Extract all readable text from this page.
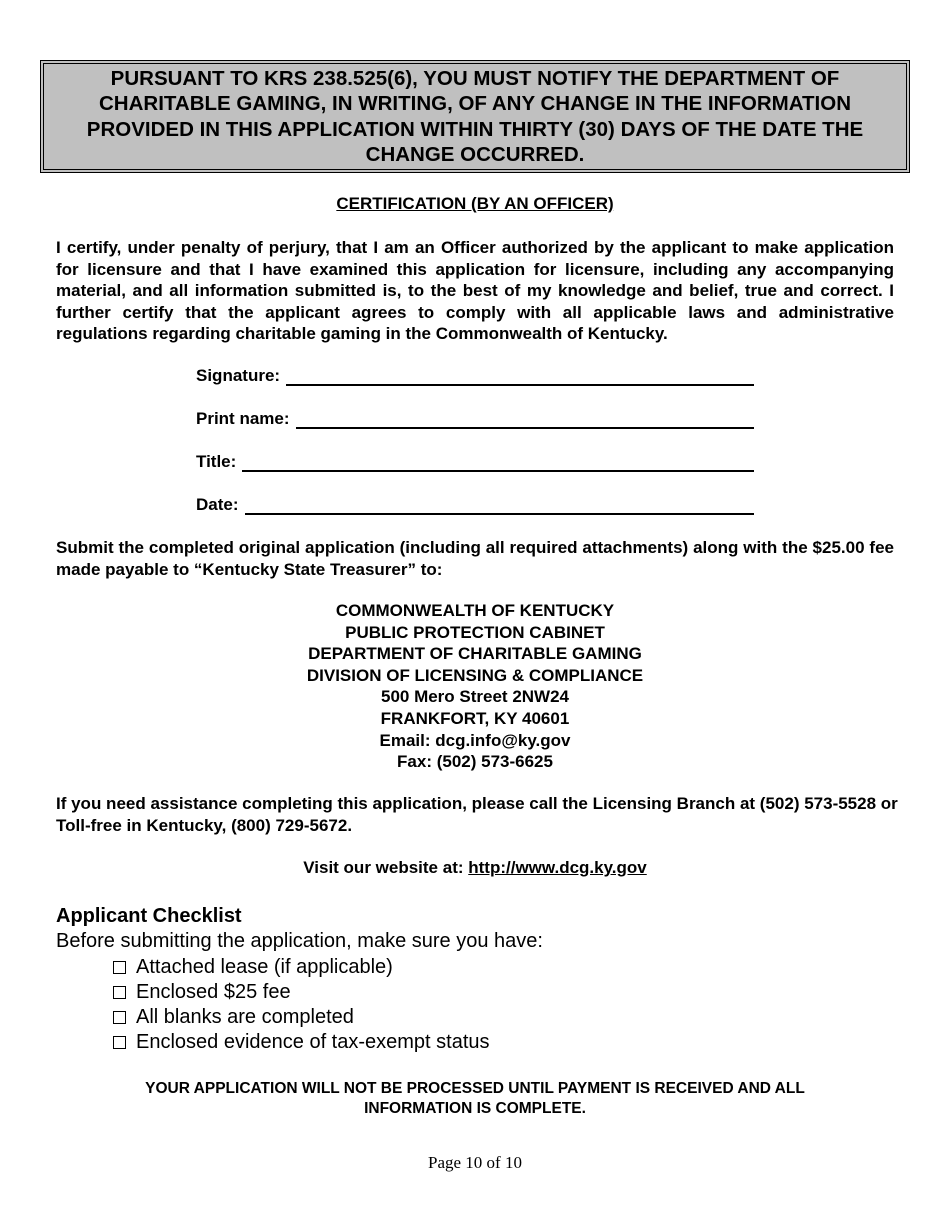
PURSUANT TO KRS 238.525(6), YOU MUST NOTIFY THE DEPARTMENT OF
CHARITABLE GAMING, IN WRITING, OF ANY CHANGE IN THE INFORMATION
PROVIDED IN THIS APPLICATION WITHIN THIRTY (30) DAYS OF THE DATE THE
CHANGE OCCURRED.
CERTIFICATION (BY AN OFFICER)
I certify, under penalty of perjury, that I am an Officer authorized by the applicant to make application for licensure and that I have examined this application for licensure, including any accompanying material, and all information submitted is, to the best of my knowledge and belief, true and correct. I further certify that the applicant agrees to comply with all applicable laws and administrative regulations regarding charitable gaming in the Commonwealth of Kentucky.
Signature:
Print name:
Title:
Date:
Submit the completed original application (including all required attachments) along with the $25.00 fee made payable to “Kentucky State Treasurer” to:
COMMONWEALTH OF KENTUCKY
PUBLIC PROTECTION CABINET
DEPARTMENT OF CHARITABLE GAMING
DIVISION OF LICENSING & COMPLIANCE
500 Mero Street 2NW24
FRANKFORT, KY 40601
Email: dcg.info@ky.gov
Fax: (502) 573-6625
If you need assistance completing this application, please call the Licensing Branch at (502) 573-5528 or Toll-free in Kentucky, (800) 729-5672.
Visit our website at: http://www.dcg.ky.gov
Applicant Checklist
Before submitting the application, make sure you have:
Attached lease (if applicable)
Enclosed $25 fee
All blanks are completed
Enclosed evidence of tax-exempt status
YOUR APPLICATION WILL NOT BE PROCESSED UNTIL PAYMENT IS RECEIVED AND ALL
INFORMATION IS COMPLETE.
Page 10 of 10
